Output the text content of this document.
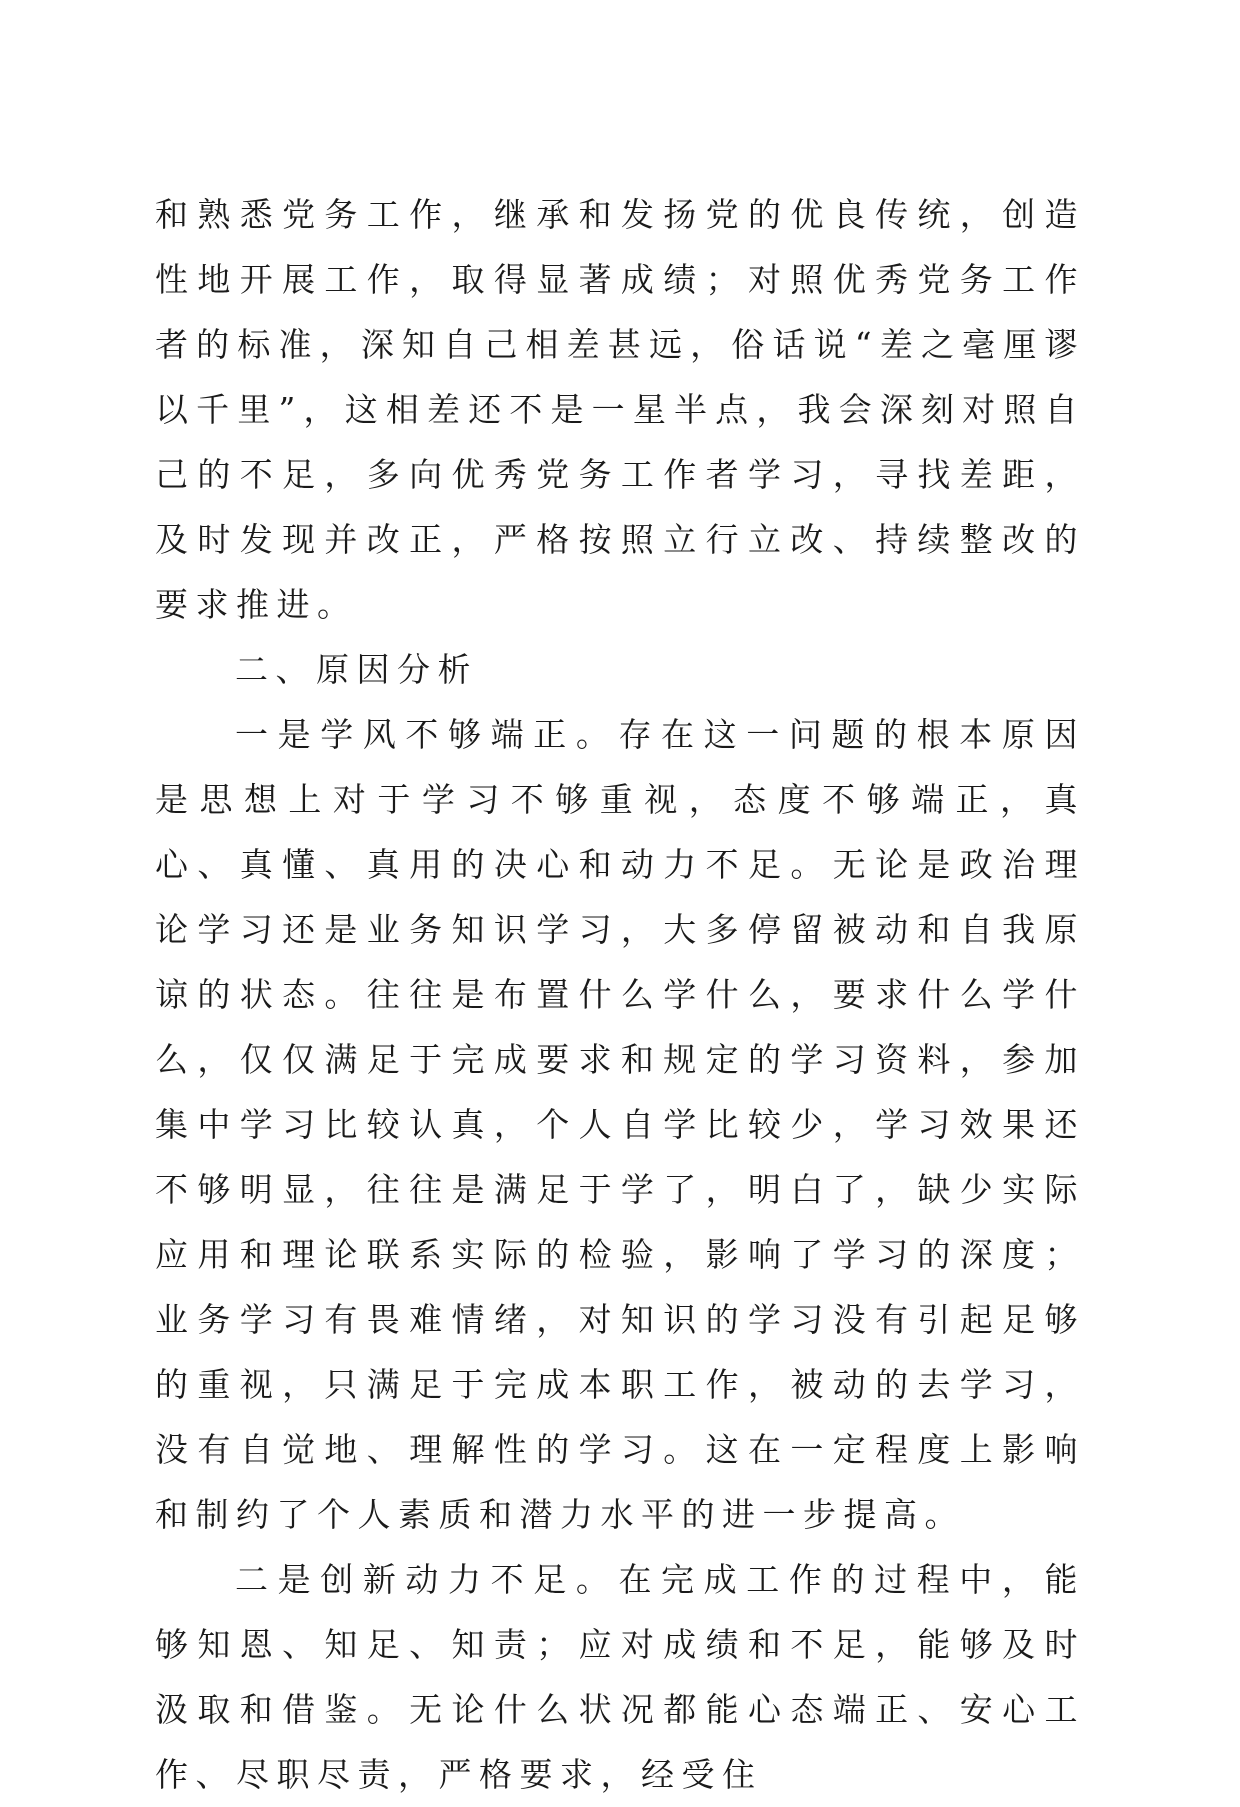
和熟悉党务工作，继承和发扬党的优良传统，创造性地开展工作，取得显著成绩；对照优秀党务工作者的标准，深知自己相差甚远，俗话说“差之毫厘谬以千里”，这相差还不是一星半点，我会深刻对照自己的不足，多向优秀党务工作者学习，寻找差距，及时发现并改正，严格按照立行立改、持续整改的要求推进。

二、原因分析

一是学风不够端正。存在这一问题的根本原因是思想上对于学习不够重视，态度不够端正，真心、真懂、真用的决心和动力不足。无论是政治理论学习还是业务知识学习，大多停留被动和自我原谅的状态。往往是布置什么学什么，要求什么学什么，仅仅满足于完成要求和规定的学习资料，参加集中学习比较认真，个人自学比较少，学习效果还不够明显，往往是满足于学了，明白了，缺少实际应用和理论联系实际的检验，影响了学习的深度；业务学习有畏难情绪，对知识的学习没有引起足够的重视，只满足于完成本职工作，被动的去学习，没有自觉地、理解性的学习。这在一定程度上影响和制约了个人素质和潜力水平的进一步提高。

二是创新动力不足。在完成工作的过程中，能够知恩、知足、知责；应对成绩和不足，能够及时汲取和借鉴。无论什么状况都能心态端正、安心工作、尽职尽责，严格要求，经受住
